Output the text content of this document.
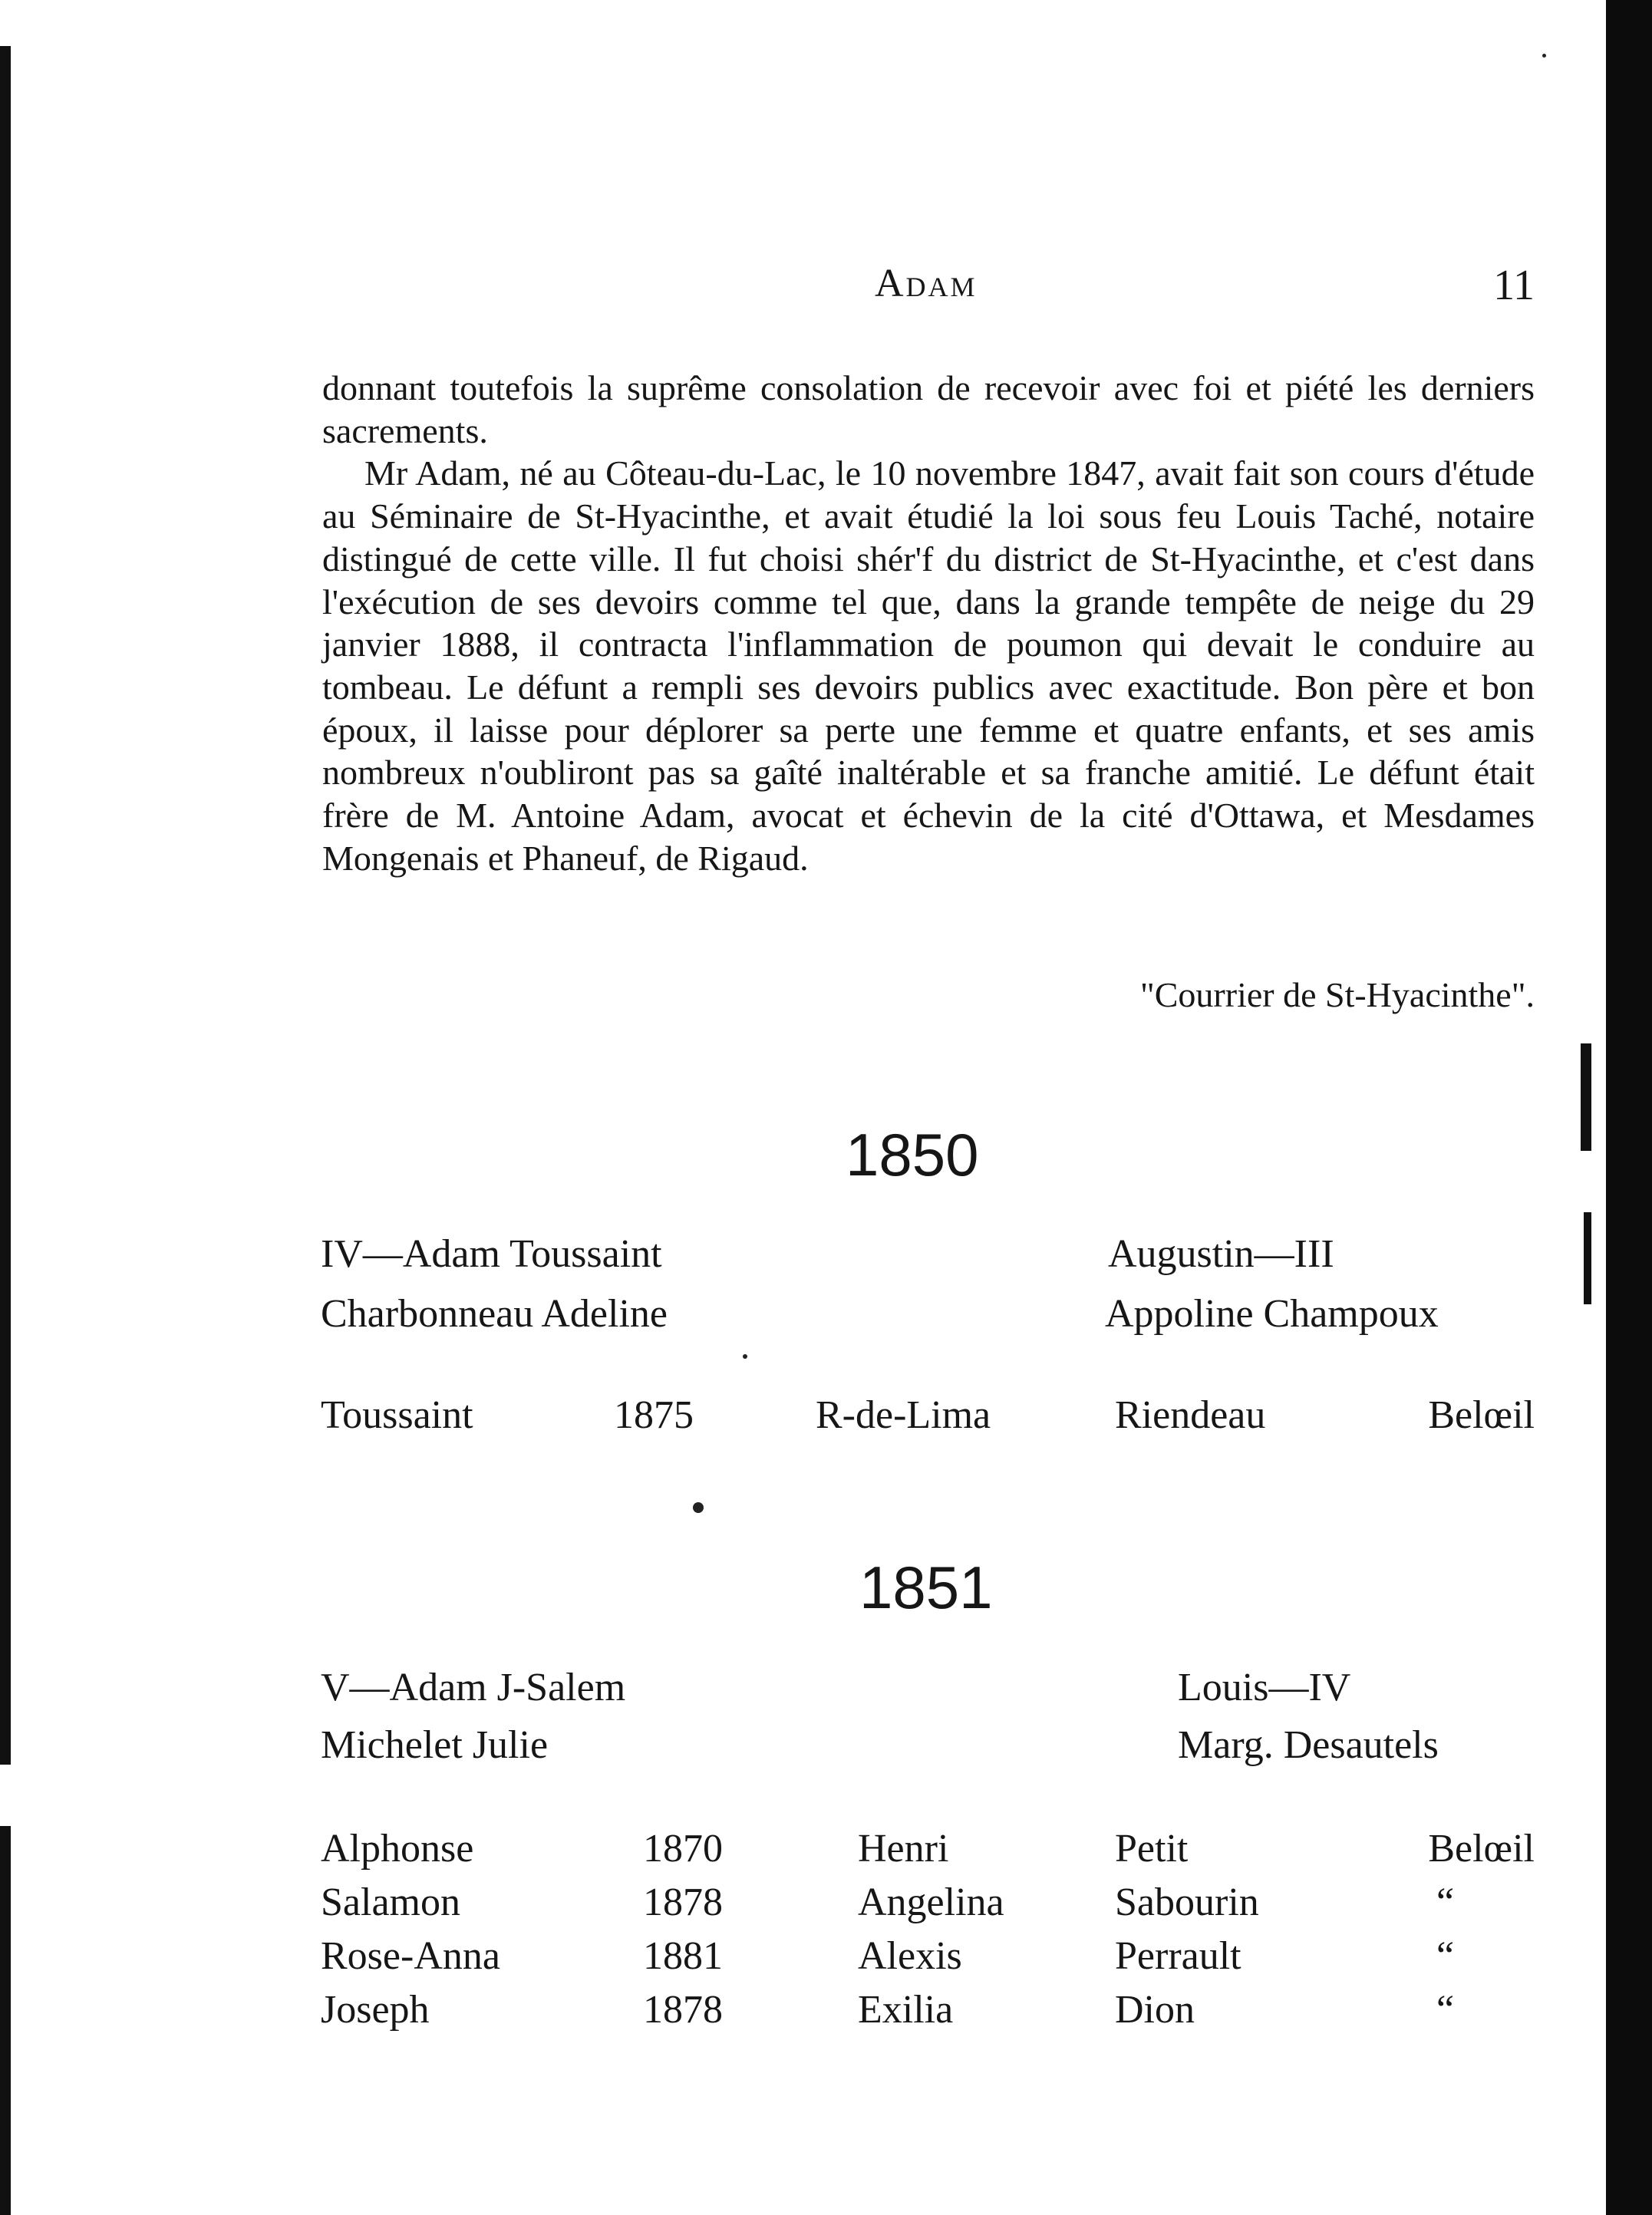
Adam	11

donnant toutefois la suprême consolation de recevoir avec foi et piété les derniers sacrements.

Mr Adam, né au Côteau-du-Lac, le 10 novembre 1847, avait fait son cours d'étude au Séminaire de St-Hyacinthe, et avait étudié la loi sous feu Louis Taché, notaire distingué de cette ville. Il fut choisi shér'f du district de St-Hyacinthe, et c'est dans l'exécution de ses devoirs comme tel que, dans la grande tempête de neige du 29 janvier 1888, il contracta l'inflammation de poumon qui devait le conduire au tombeau. Le défunt a rempli ses devoirs publics avec exactitude. Bon père et bon époux, il laisse pour déplorer sa perte une femme et quatre enfants, et ses amis nombreux n'oubliront pas sa gaîté inaltérable et sa franche amitié. Le défunt était frère de M. Antoine Adam, avocat et échevin de la cité d'Ottawa, et Mesdames Mongenais et Phaneuf, de Rigaud.

"Courrier de St-Hyacinthe".
1850
IV—Adam Toussaint
Charbonneau Adeline
Augustin—III
Appoline Champoux
Toussaint	1875	R-de-Lima	Riendeau	Belœil
1851
V—Adam J-Salem
Michelet Julie
Louis—IV
Marg. Desautels
Alphonse	1870	Henri	Petit	Belœil
Salamon	1878	Angelina	Sabourin	“
Rose-Anna	1881	Alexis	Perrault	“
Joseph	1878	Exilia	Dion	“
